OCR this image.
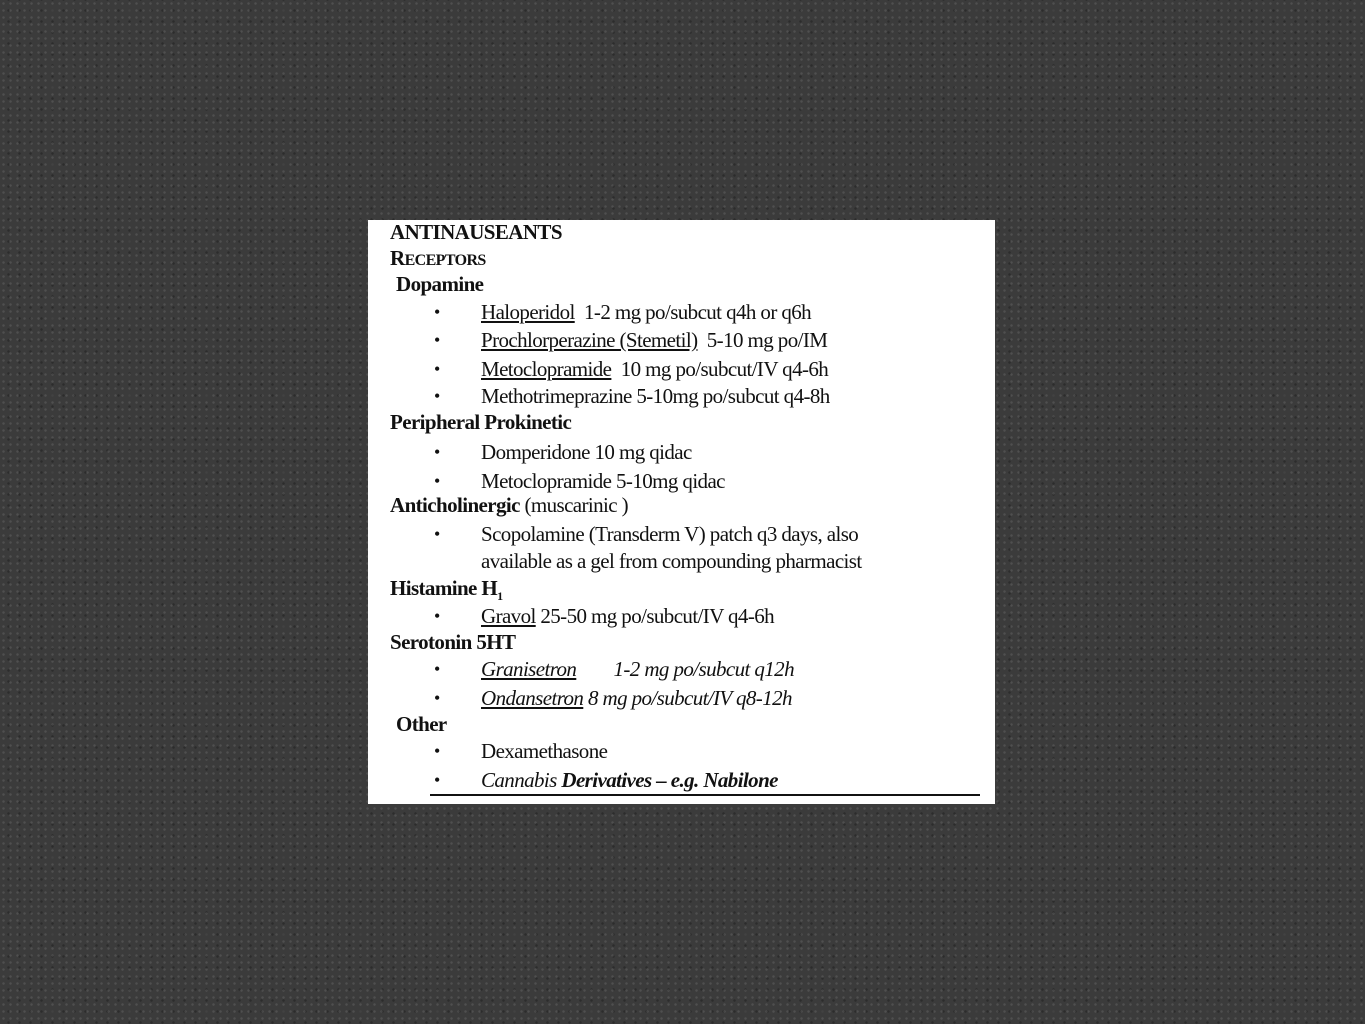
ANTINAUSEANTS
RECEPTORS
Dopamine
• Haloperidol 1-2 mg po/subcut q4h or q6h
• Prochlorperazine (Stemetil) 5-10 mg po/IM
• Metoclopramide 10 mg po/subcut/IV q4-6h
• Methotrimeprazine 5-10mg po/subcut q4-8h
Peripheral Prokinetic
• Domperidone 10 mg qidac
• Metoclopramide 5-10mg qidac
Anticholinergic (muscarinic )
• Scopolamine (Transderm V) patch q3 days, also
available as a gel from compounding pharmacist
Histamine $H_1$
• Gravol 25-50 mg po/subcut/IV q4-6h
Serotonin 5HT
• Granisetron 1-2 mg po/subcut q12h
• Ondansetron 8 mg po/subcut/IV q8-12h
Other
• Dexamethasone
• Cannabis Derivatives – e.g. Nabilone
